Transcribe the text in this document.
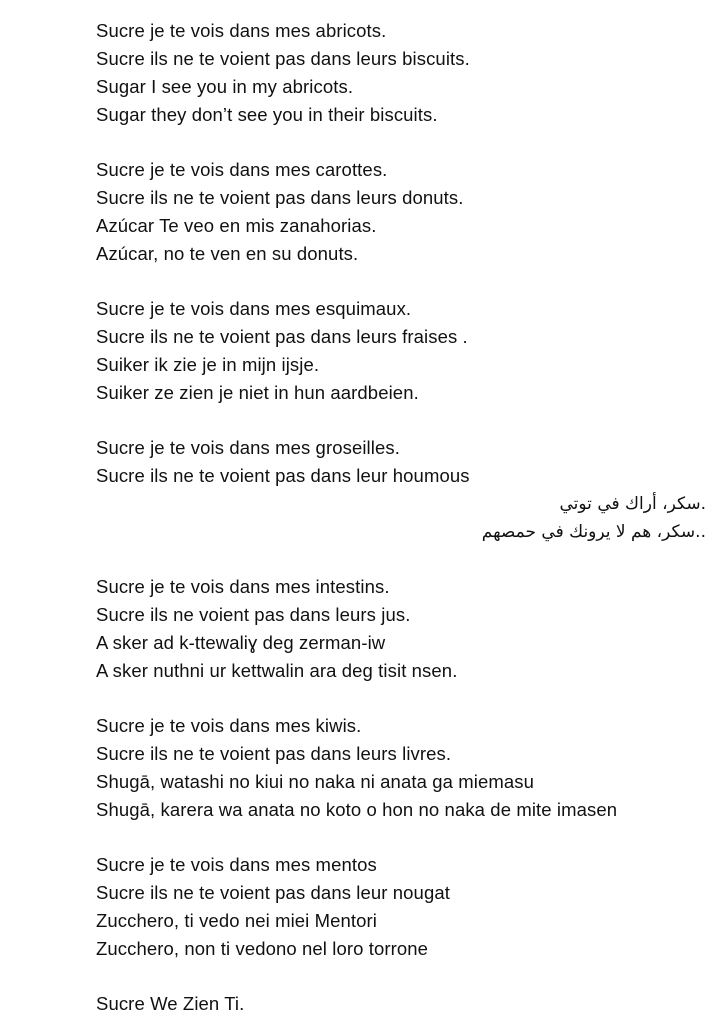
Sucre je te vois dans mes abricots.
Sucre ils ne te voient pas dans leurs biscuits.
Sugar I see you in my abricots.
Sugar they don’t see you in their biscuits.
Sucre je te vois dans mes carottes.
Sucre ils ne te voient pas dans leurs donuts.
Azúcar Te veo en mis zanahorias.
Azúcar, no te ven en su donuts.
Sucre je te vois dans mes esquimaux.
Sucre ils ne te voient pas dans leurs fraises .
Suiker ik zie je in mijn ijsje.
Suiker ze zien je niet in hun aardbeien.
Sucre je te vois dans mes groseilles.
Sucre ils ne te voient pas dans leur houmous
.سكر، أراك في توتي
..سكر، هم لا يرونك في حمصهم
Sucre je te vois dans mes intestins.
Sucre ils ne voient pas dans leurs jus.
A sker ad k-ttewaliɣ deg zerman-iw
A sker nuthni ur kettwalin ara deg tisit nsen.
Sucre je te vois dans mes kiwis.
Sucre ils ne te voient pas dans leurs livres.
Shugā, watashi no kiui no naka ni anata ga miemasu
Shugā, karera wa anata no koto o hon no naka de mite imasen
Sucre je te vois dans mes mentos
Sucre ils ne te voient pas dans leur nougat
Zucchero, ti vedo nei miei Mentori
Zucchero, non ti vedono nel loro torrone
Sucre We Zien Ti.
